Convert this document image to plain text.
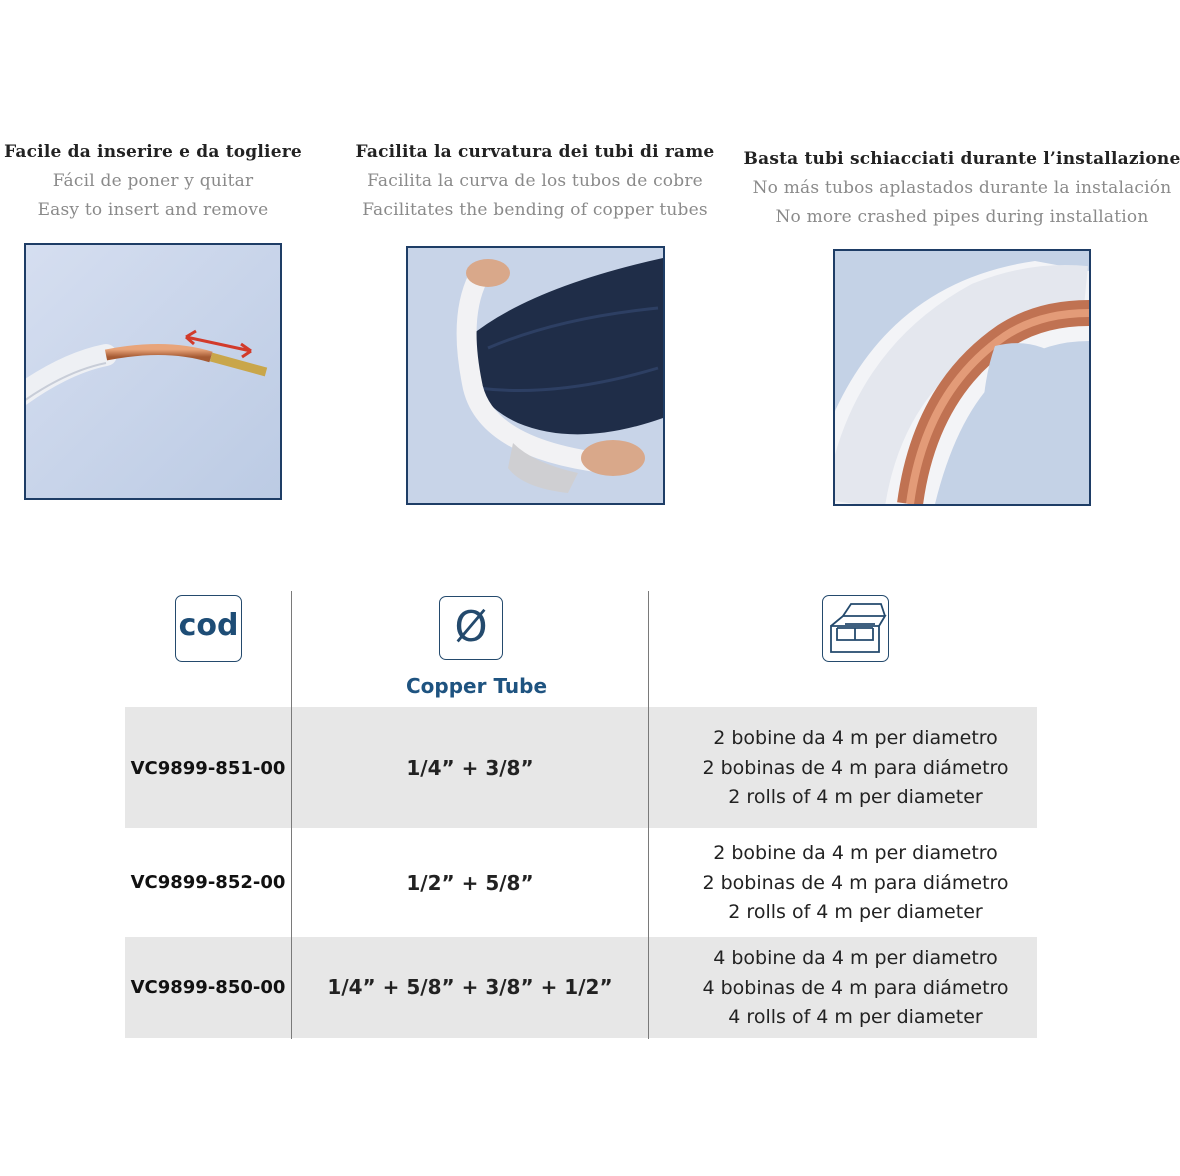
Facile da inserire e da togliere
Fácil de poner y quitar
Easy to insert and remove
Facilita la curvatura dei tubi di rame
Facilita la curva de los tubos de cobre
Facilitates the bending of copper tubes
Basta tubi schiacciati durante l’installazione
No más tubos aplastados durante la instalación
No more crashed pipes during installation
cod	Ø
Copper Tube
VC9899-851-00	1/4” + 3/8”
2 bobine da 4 m per diametro
2 bobinas de 4 m para diámetro
2 rolls of 4 m per diameter
VC9899-852-00	1/2” + 5/8”
2 bobine da 4 m per diametro
2 bobinas de 4 m para diámetro
2 rolls of 4 m per diameter
VC9899-850-00	1/4” + 5/8” + 3/8” + 1/2”
4 bobine da 4 m per diametro
4 bobinas de 4 m para diámetro
4 rolls of 4 m per diameter
